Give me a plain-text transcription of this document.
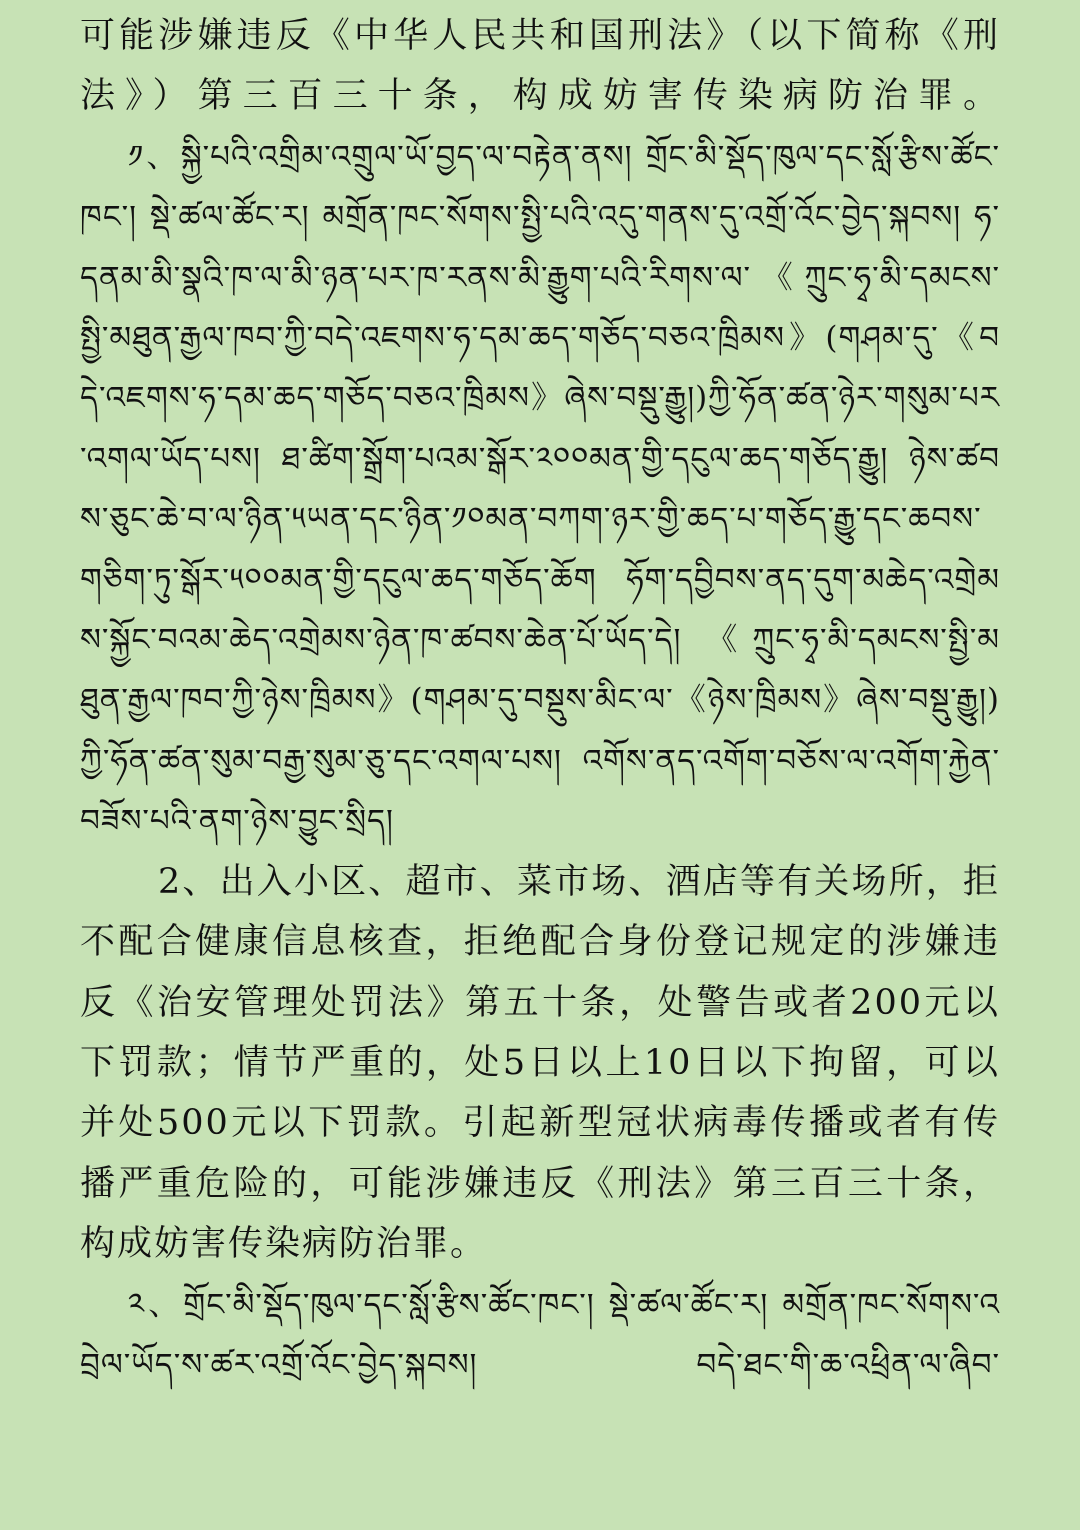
可能涉嫌违反《中华人民共和国刑法》（以下简称《刑法》）第三百三十条，构成妨害传染病防治罪。

༡、སྐྱི་པའི་འགྲིམ་འགྲུལ་ཡོ་བྱད་ལ་བརྟེན་ནས། གྲོང་མི་སྡོད་ཁུལ་དང་སློ་རྩིས་ཚོང་ཁང་། སྡེ་ཚལ་ཚོང་ར། མགྲོན་ཁང་སོགས་སྤྱི་པའི་འདུ་གནས་དུ་འགྲོ་འོང་བྱེད་སྐབས། ཧ་དནམ་མི་སྣའི་ཁ་ལ་མི་ཉན་པར་ཁ་རནས་མི་རྒྱུག་པའི་རིགས་ལ་《ཀྲུང་ཧྭ་མི་དམངས་སྤྱི་མཐུན་རྒྱལ་ཁབ་ཀྱི་བདེ་འཇགས་ཧ་དམ་ཆད་གཅོད་བཅའ་ཁྲིམས》(གཤམ་དུ་《བདེ་འཇགས་ཧ་དམ་ཆད་གཅོད་བཅའ་ཁྲིམས》ཞེས་བསྡུ་རྒྱུ།)ཀྱི་ཧོན་ཚན་ཉེར་གསུམ་པར་འགལ་ཡོད་པས། ཐ་ཚིག་སྒྲོག་པའམ་སྒོར་༢༠༠མན་གྱི་དངུལ་ཆད་གཅོད་རྒྱུ། ཉེས་ཚབས་ཅུང་ཆེ་བ་ལ་ཉིན་༥ཡན་དང་ཉིན་༡༠མན་བཀག་ཉར་གྱི་ཆད་པ་གཅོད་རྒྱུ་དང་ཆབས་གཅིག་ཏུ་སྒོར་༥༠༠མན་གྱི་དངུལ་ཆད་གཅོད་ཆོག ཧོག་དབྱིབས་ནད་དུག་མཆེད་འགྲེམས་སྐྱོང་བའམ་ཆེད་འགྲེམས་ཉེན་ཁ་ཚབས་ཆེན་པོ་ཡོད་དེ། 《ཀྲུང་ཧྭ་མི་དམངས་སྤྱི་མཐུན་རྒྱལ་ཁབ་ཀྱི་ཉེས་ཁྲིམས》(གཤམ་དུ་བསྡུས་མིང་ལ་《ཉེས་ཁྲིམས》ཞེས་བསྡུ་རྒྱུ།)ཀྱི་ཧོན་ཚན་སུམ་བརྒྱ་སུམ་ཅུ་དང་འགལ་པས། འགོས་ནད་འགོག་བཅོས་ལ་འགོག་རྐྱེན་བཟོས་པའི་ནག་ཉེས་བྱུང་སྲིད།

2、出入小区、超市、菜市场、酒店等有关场所，拒不配合健康信息核查，拒绝配合身份登记规定的涉嫌违反《治安管理处罚法》第五十条，处警告或者200元以下罚款；情节严重的，处5日以上10日以下拘留，可以并处500元以下罚款。引起新型冠状病毒传播或者有传播严重危险的，可能涉嫌违反《刑法》第三百三十条，构成妨害传染病防治罪。

༢、གྲོང་མི་སྡོད་ཁུལ་དང་སློ་རྩིས་ཚོང་ཁང་། སྡེ་ཚལ་ཚོང་ར། མགྲོན་ཁང་སོགས་འབྲེལ་ཡོད་ས་ཚར་འགྲོ་འོང་བྱེད་སྐབས། བདེ་ཐང་གི་ཆ་འཕྲིན་ལ་ཞིབ་
